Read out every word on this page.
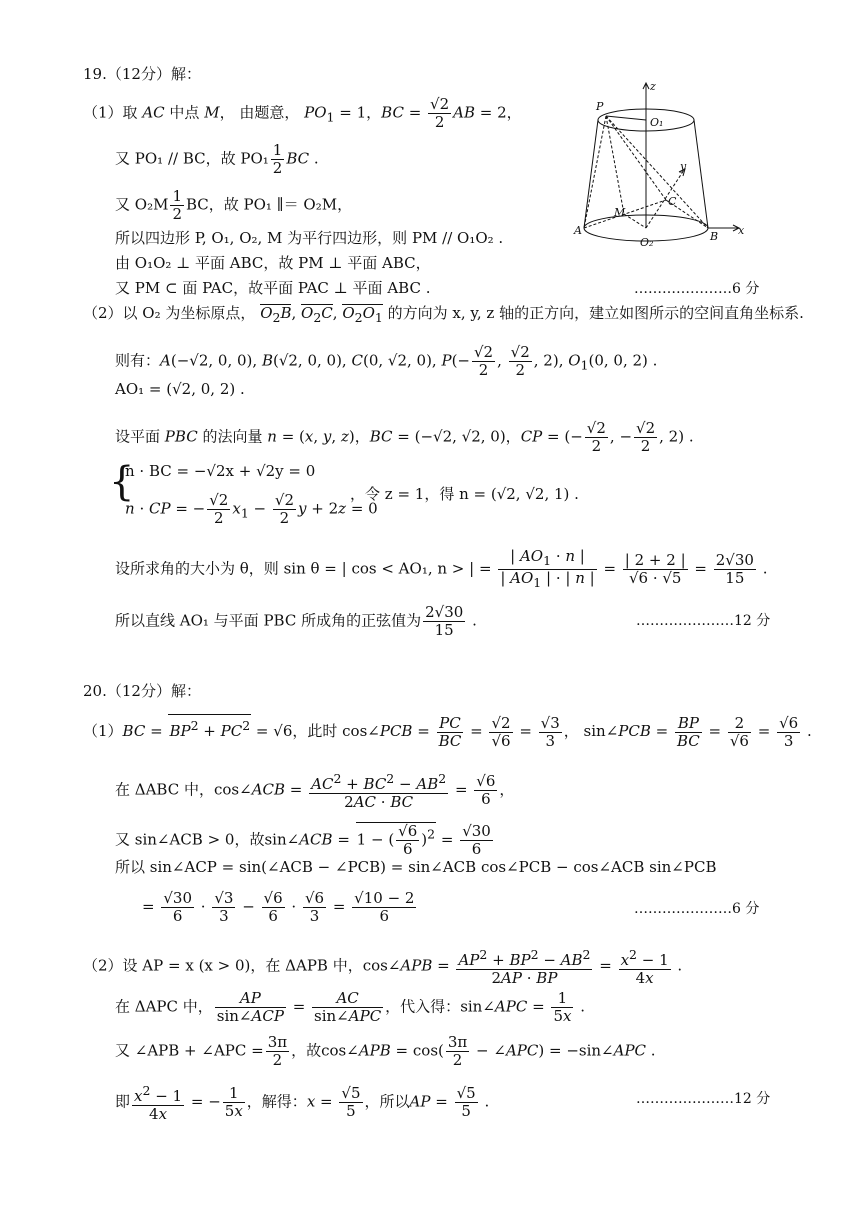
19.（12分）解：
（1）取 AC 中点 M， 由题意， $PO_1 = 1$，BC = $\frac{√2}{2}$ AB = 2，
又 PO₁ // BC，故 $PO_1 \frac{1}{2}$ BC .
又 $O_2M \frac{1}{2}$ BC，故 PO₁ ∥＝ O₂M，
所以四边形 P, O₁, O₂, M 为平行四边形，则 PM // O₁O₂ .
由 O₁O₂ ⊥ 平面 ABC，故 PM ⊥ 平面 ABC，
又 PM ⊂ 面 PAC，故平面 PAC ⊥ 平面 ABC .	…………………6 分
（2）以 O₂ 为坐标原点， $O_2B$, $O_2C$, $O_2O_1$ 的方向为 x, y, z 轴的正方向，建立如图所示的空间直角坐标系.
则有：A(−√2, 0, 0), B(√2, 0, 0), C(0, √2, 0), $P(- \frac{√2}{2}$ , $\frac{√2}{2}$ , 2), $O_1(0$, 0, 2) .
AO₁ = (√2, 0, 2) .
设平面 PBC 的法向量 n = (x, y, z)，BC = (−√2, √2, 0)，CP = (− $\frac{√2}{2}$ , − $\frac{√2}{2}$ , 2) .
{
n · BC = −√2x + √2y = 0
n · CP = − $\frac{√2}{2} x_1 - \frac{√2}{2}$ y + 2z = 0
，令 z = 1，得 n = (√2, √2, 1) .
设所求角的大小为 θ，则 sin θ = | cos < AO₁, n > | = $\frac{| AO_1 \cdot n |}{| AO_1 | \cdot | n |} = \frac{| 2 + 2 |}{√6 \cdot √5} = \frac{2√30}{15}$ .
所以直线 AO₁ 与平面 PBC 所成角的正弦值为 $\frac{2√30}{15}$ .	…………………12 分
P
O₁
z
y
x
C
M
A
O₂	B
20.（12分）解：
$(1)BC = BP^2 + PC^2 = √6$，此时 cos∠PCB = $\frac{PC}{BC} = \frac{√2}{√6} = \frac{√3}{3}$ ， sin∠PCB = $\frac{BP}{BC} = \frac{2}{√6} = \frac{√6}{3}$ .
在 ΔABC 中，cos∠ACB = $\frac{AC^2 + BC^2 - AB^2}{2AC \cdot BC} = \frac{√6}{6}$ ，
又 sin∠ACB > 0，故sin∠ACB = 1 − ( $\frac{√6}{6} )^2 = \frac{√30}{6}$
所以 sin∠ACP = sin(∠ACB − ∠PCB) = sin∠ACB cos∠PCB − cos∠ACB sin∠PCB
= $\frac{√30}{6} \cdot \frac{√3}{3} - \frac{√6}{6} \cdot \frac{√6}{3} = \frac{√10 - 2}{6}$	…………………6 分
（2）设 AP = x (x > 0)，在 ΔAPB 中，cos∠APB = $\frac{AP^2 + BP^2 - AB^2}{2AP \cdot BP} = \frac{x^2 - 1}{4x}$ .
在 ΔAPC 中， $\frac{AP}{\text{sin∠ACP}} = \frac{AC}{\text{sin∠APC}}$ ，代入得：sin∠APC = $\frac{1}{5x}$ .
又 ∠APB + ∠APC = $\frac{3\pi}{2}$ ，故cos∠APB = $\cos( \frac{3\pi}{2}$ − ∠APC) = −sin∠APC .
即 $\frac{x^2 - 1}{4x}$ = − $\frac{1}{5x}$ ，解得：$x = \frac{√5}{5}$ ，所以AP = $\frac{√5}{5}$ .	…………………12 分
